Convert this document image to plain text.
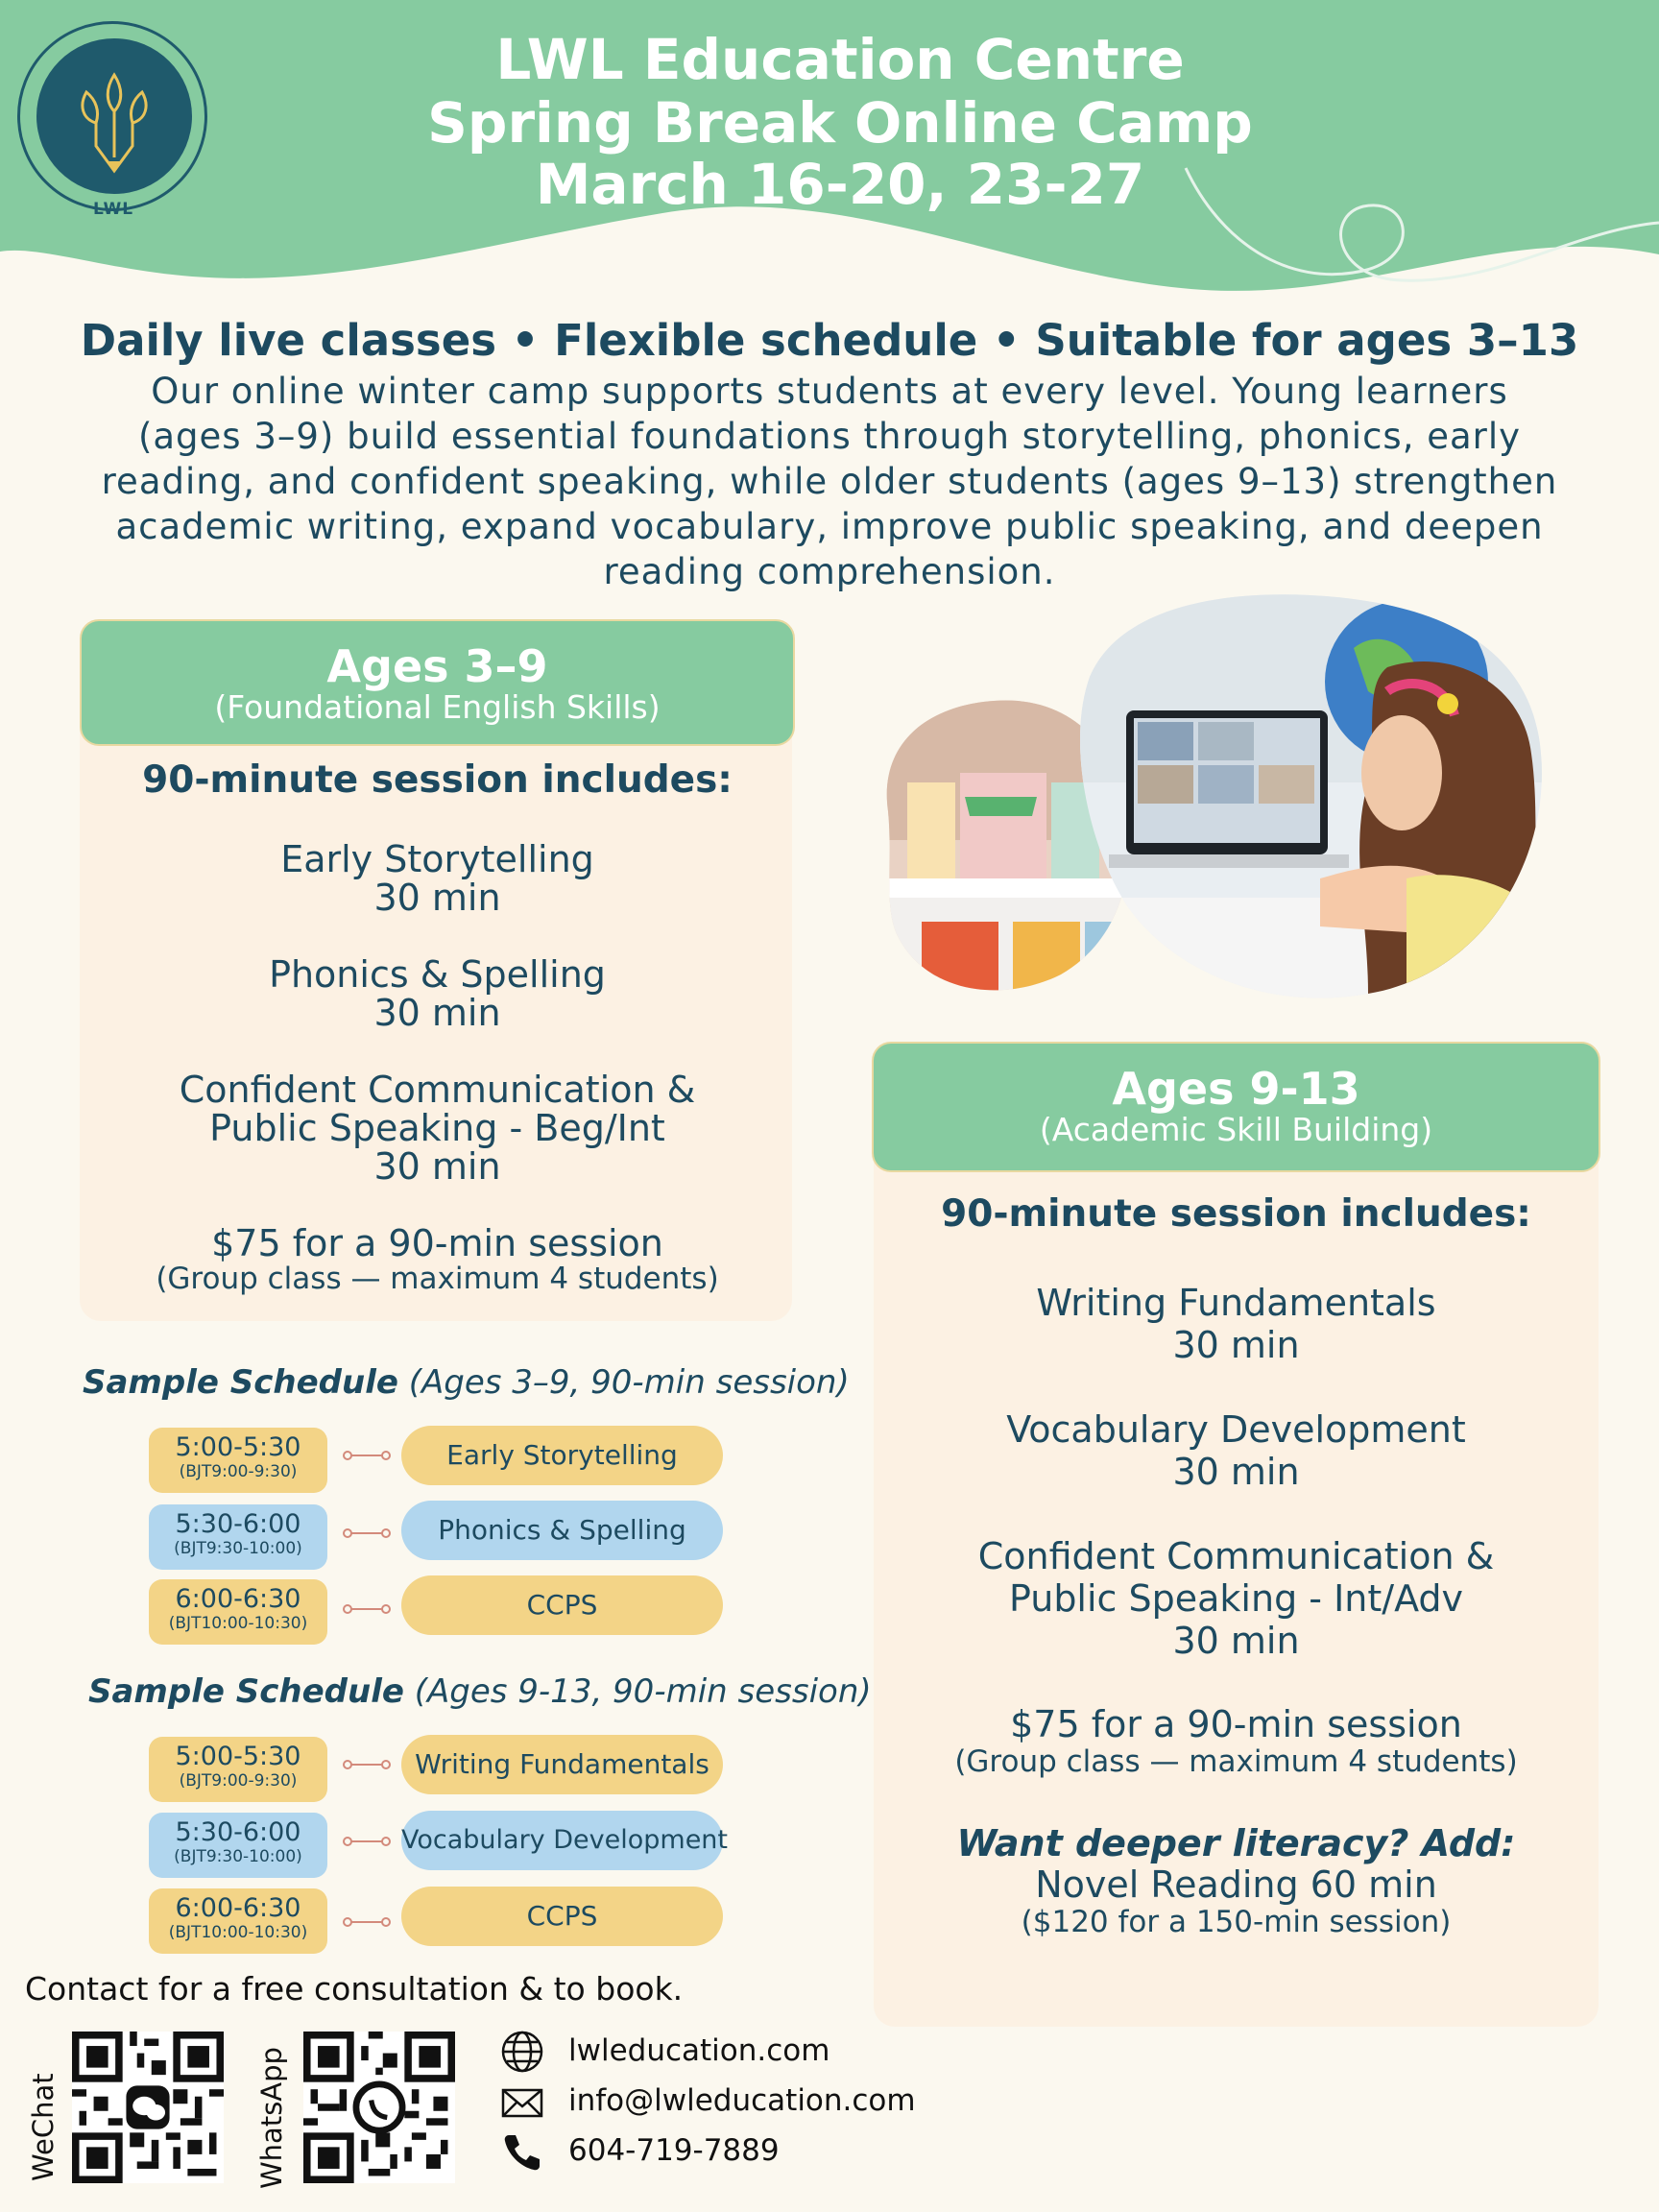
LWL
LWL Education Centre
Spring Break Online Camp
March 16-20, 23-27
Daily live classes • Flexible schedule • Suitable for ages 3–13
Our online winter camp supports students at every level. Young learners
(ages 3–9) build essential foundations through storytelling, phonics, early
reading, and confident speaking, while older students (ages 9–13) strengthen
academic writing, expand vocabulary, improve public speaking, and deepen
reading comprehension.
Ages 3–9
(Foundational English Skills)
90-minute session includes:
Early Storytelling
30 min
Phonics & Spelling
30 min
Confident Communication &
Public Speaking - Beg/Int
30 min
$75 for a 90-min session
(Group class — maximum 4 students)
Ages 9-13
(Academic Skill Building)
90-minute session includes:
Writing Fundamentals
30 min
Vocabulary Development
30 min
Confident Communication &
Public Speaking - Int/Adv
30 min
$75 for a 90-min session
(Group class — maximum 4 students)
Want deeper literacy? Add:
Novel Reading 60 min
($120 for a 150-min session)
Sample Schedule (Ages 3–9, 90-min session)
5:00-5:30
(BJT9:00-9:30)
Early Storytelling
5:30-6:00
(BJT9:30-10:00)
Phonics & Spelling
6:00-6:30
(BJT10:00-10:30)
CCPS
Sample Schedule (Ages 9-13, 90-min session)
5:00-5:30
(BJT9:00-9:30)
Writing Fundamentals
5:30-6:00
(BJT9:30-10:00)
Vocabulary Development
6:00-6:30
(BJT10:00-10:30)
CCPS
Contact for a free consultation & to book.
WeChat	WhatsApp	lwleducation.com
info@lwleducation.com
604-719-7889
